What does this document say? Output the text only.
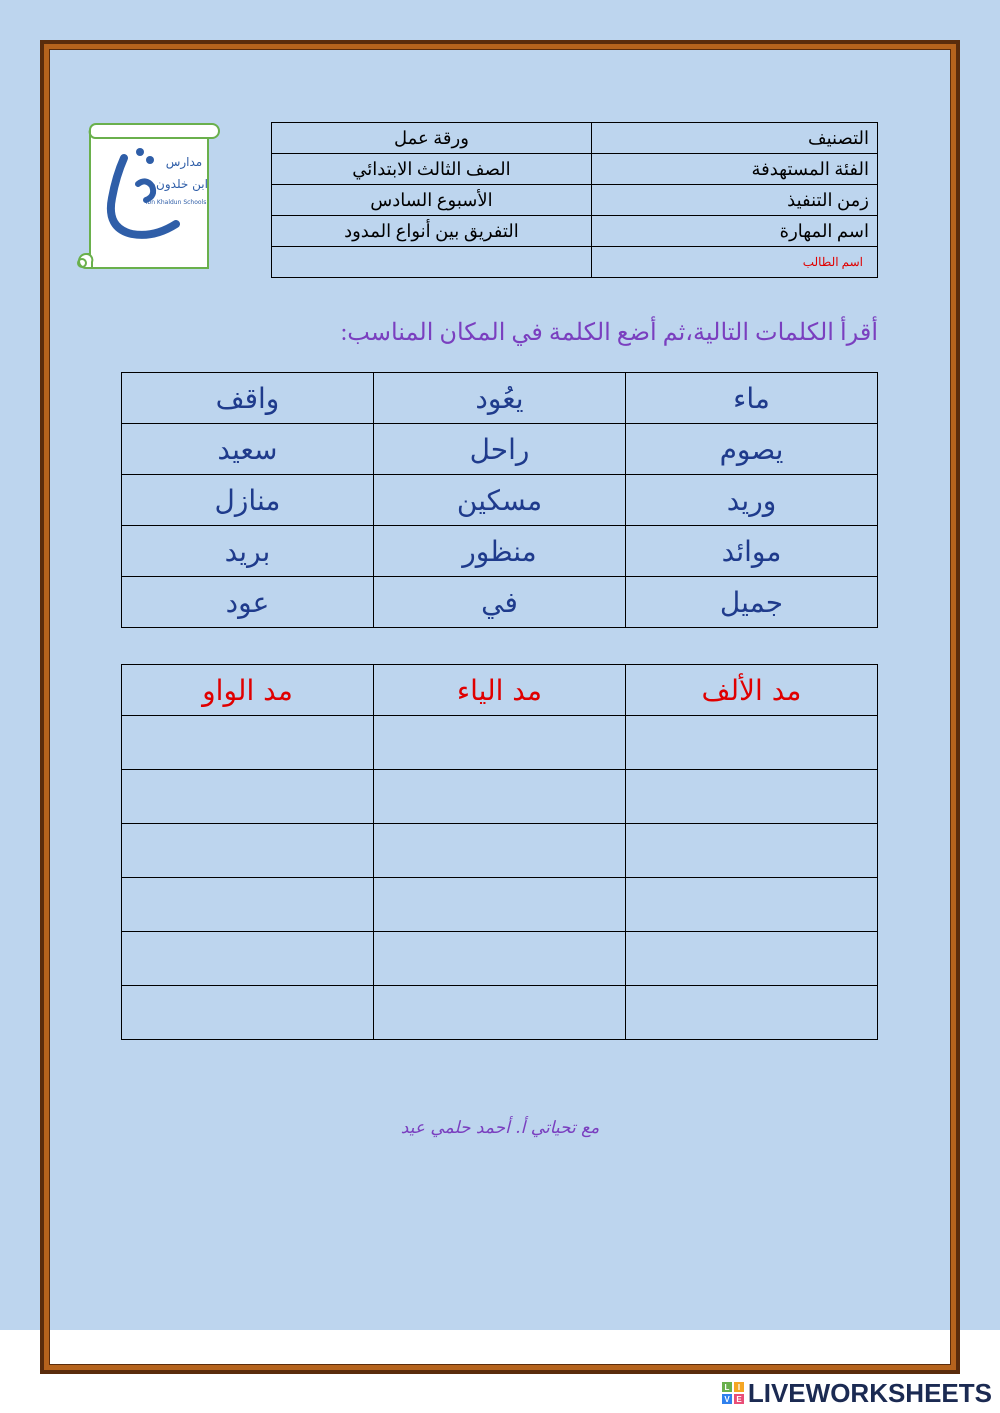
مدارس
ابن خلدون
Ibn Khaldun Schools
ورقة عمل	التصنيف
الصف الثالث الابتدائي	الفئة المستهدفة
الأسبوع السادس	زمن التنفيذ
التفريق بين أنواع المدود	اسم المهارة
	اسم الطالب
أقرأ الكلمات التالية،ثم أضع الكلمة في المكان المناسب:
واقف	يعُود	ماء
سعيد	راحل	يصوم
منازل	مسكين	وريد
بريد	منظور	موائد
عود	في	جميل
مد الواو	مد الياء	مد الألف

مع تحياتي أ. أحمد حلمي عيد
L I
V E LIVEWORKSHEETS
